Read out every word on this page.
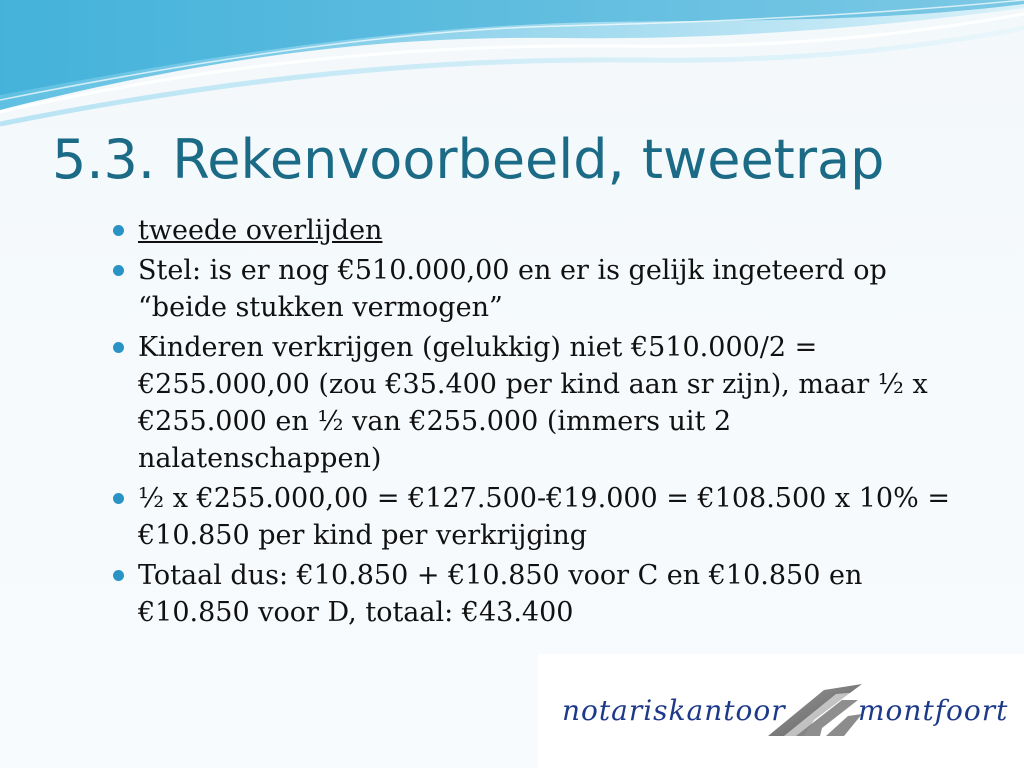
5.3. Rekenvoorbeeld, tweetrap
tweede overlijden
Stel: is er nog €510.000,00 en er is gelijk ingeteerd op “beide stukken vermogen”
Kinderen verkrijgen (gelukkig) niet €510.000/2 = €255.000,00 (zou €35.400 per kind aan sr zijn), maar ½ x €255.000 en ½ van €255.000 (immers uit 2 nalatenschappen)
½ x €255.000,00 = €127.500-€19.000 = €108.500 x 10% = €10.850 per kind per verkrijging
Totaal dus: €10.850 + €10.850 voor C en €10.850 en €10.850 voor D, totaal: €43.400
notariskantoor	montfoort
